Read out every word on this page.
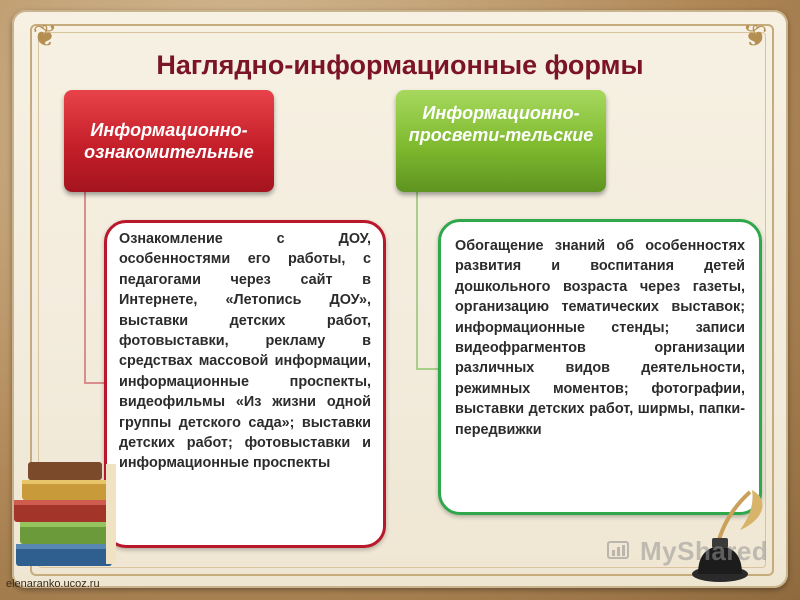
❦	❦
Наглядно-информационные формы
Информационно-ознакомительные
Информационно-просвети-тельские
Ознакомление с ДОУ, особенностями его работы, с педагогами через сайт в Интернете, «Летопись ДОУ», выставки детских работ, фотовыставки, рекламу в средствах массовой информации, информационные проспекты, видеофильмы «Из жизни одной группы детского сада»; выставки детских работ; фотовыставки и информационные проспекты
Обогащение знаний об особенностях развития и воспитания детей дошкольного возраста через газеты, организацию тематических выставок; информационные стенды; записи видеофрагментов организации различных видов деятельности, режимных моментов; фотографии, выставки детских работ, ширмы, папки-передвижки
MyShared
elenaranko.ucoz.ru
